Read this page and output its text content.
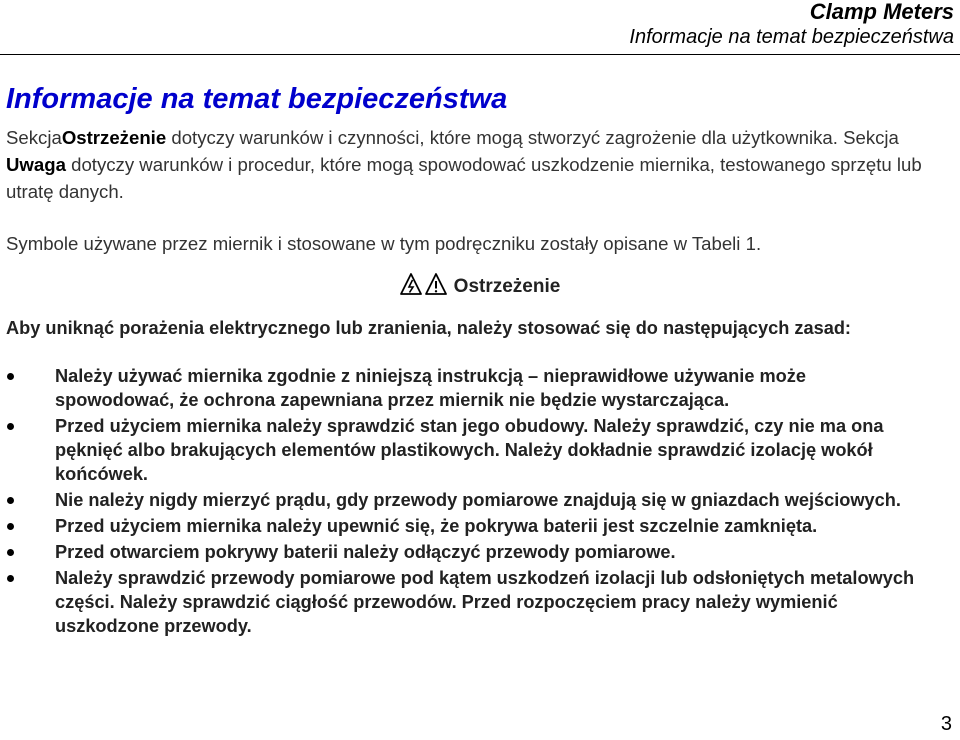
Clamp Meters
Informacje na temat bezpieczeństwa
Informacje na temat bezpieczeństwa

SekcjaOstrzeżenie dotyczy warunków i czynności, które mogą stworzyć zagrożenie dla użytkownika. Sekcja Uwaga dotyczy warunków i procedur, które mogą spowodować uszkodzenie miernika, testowanego sprzętu lub utratę danych.

Symbole używane przez miernik i stosowane w tym podręczniku zostały opisane w Tabeli 1.

Ostrzeżenie

Aby uniknąć porażenia elektrycznego lub zranienia, należy stosować się do następujących zasad:

Należy używać miernika zgodnie z niniejszą instrukcją – nieprawidłowe używanie może spowodować, że ochrona zapewniana przez miernik nie będzie wystarczająca.
Przed użyciem miernika należy sprawdzić stan jego obudowy. Należy sprawdzić, czy nie ma ona pęknięć albo brakujących elementów plastikowych. Należy dokładnie sprawdzić izolację wokół końcówek.
Nie należy nigdy mierzyć prądu, gdy przewody pomiarowe znajdują się w gniazdach wejściowych.
Przed użyciem miernika należy upewnić się, że pokrywa baterii jest szczelnie zamknięta.
Przed otwarciem pokrywy baterii należy odłączyć przewody pomiarowe.
Należy sprawdzić przewody pomiarowe pod kątem uszkodzeń izolacji lub odsłoniętych metalowych części. Należy sprawdzić ciągłość przewodów. Przed rozpoczęciem pracy należy wymienić uszkodzone przewody.
3
